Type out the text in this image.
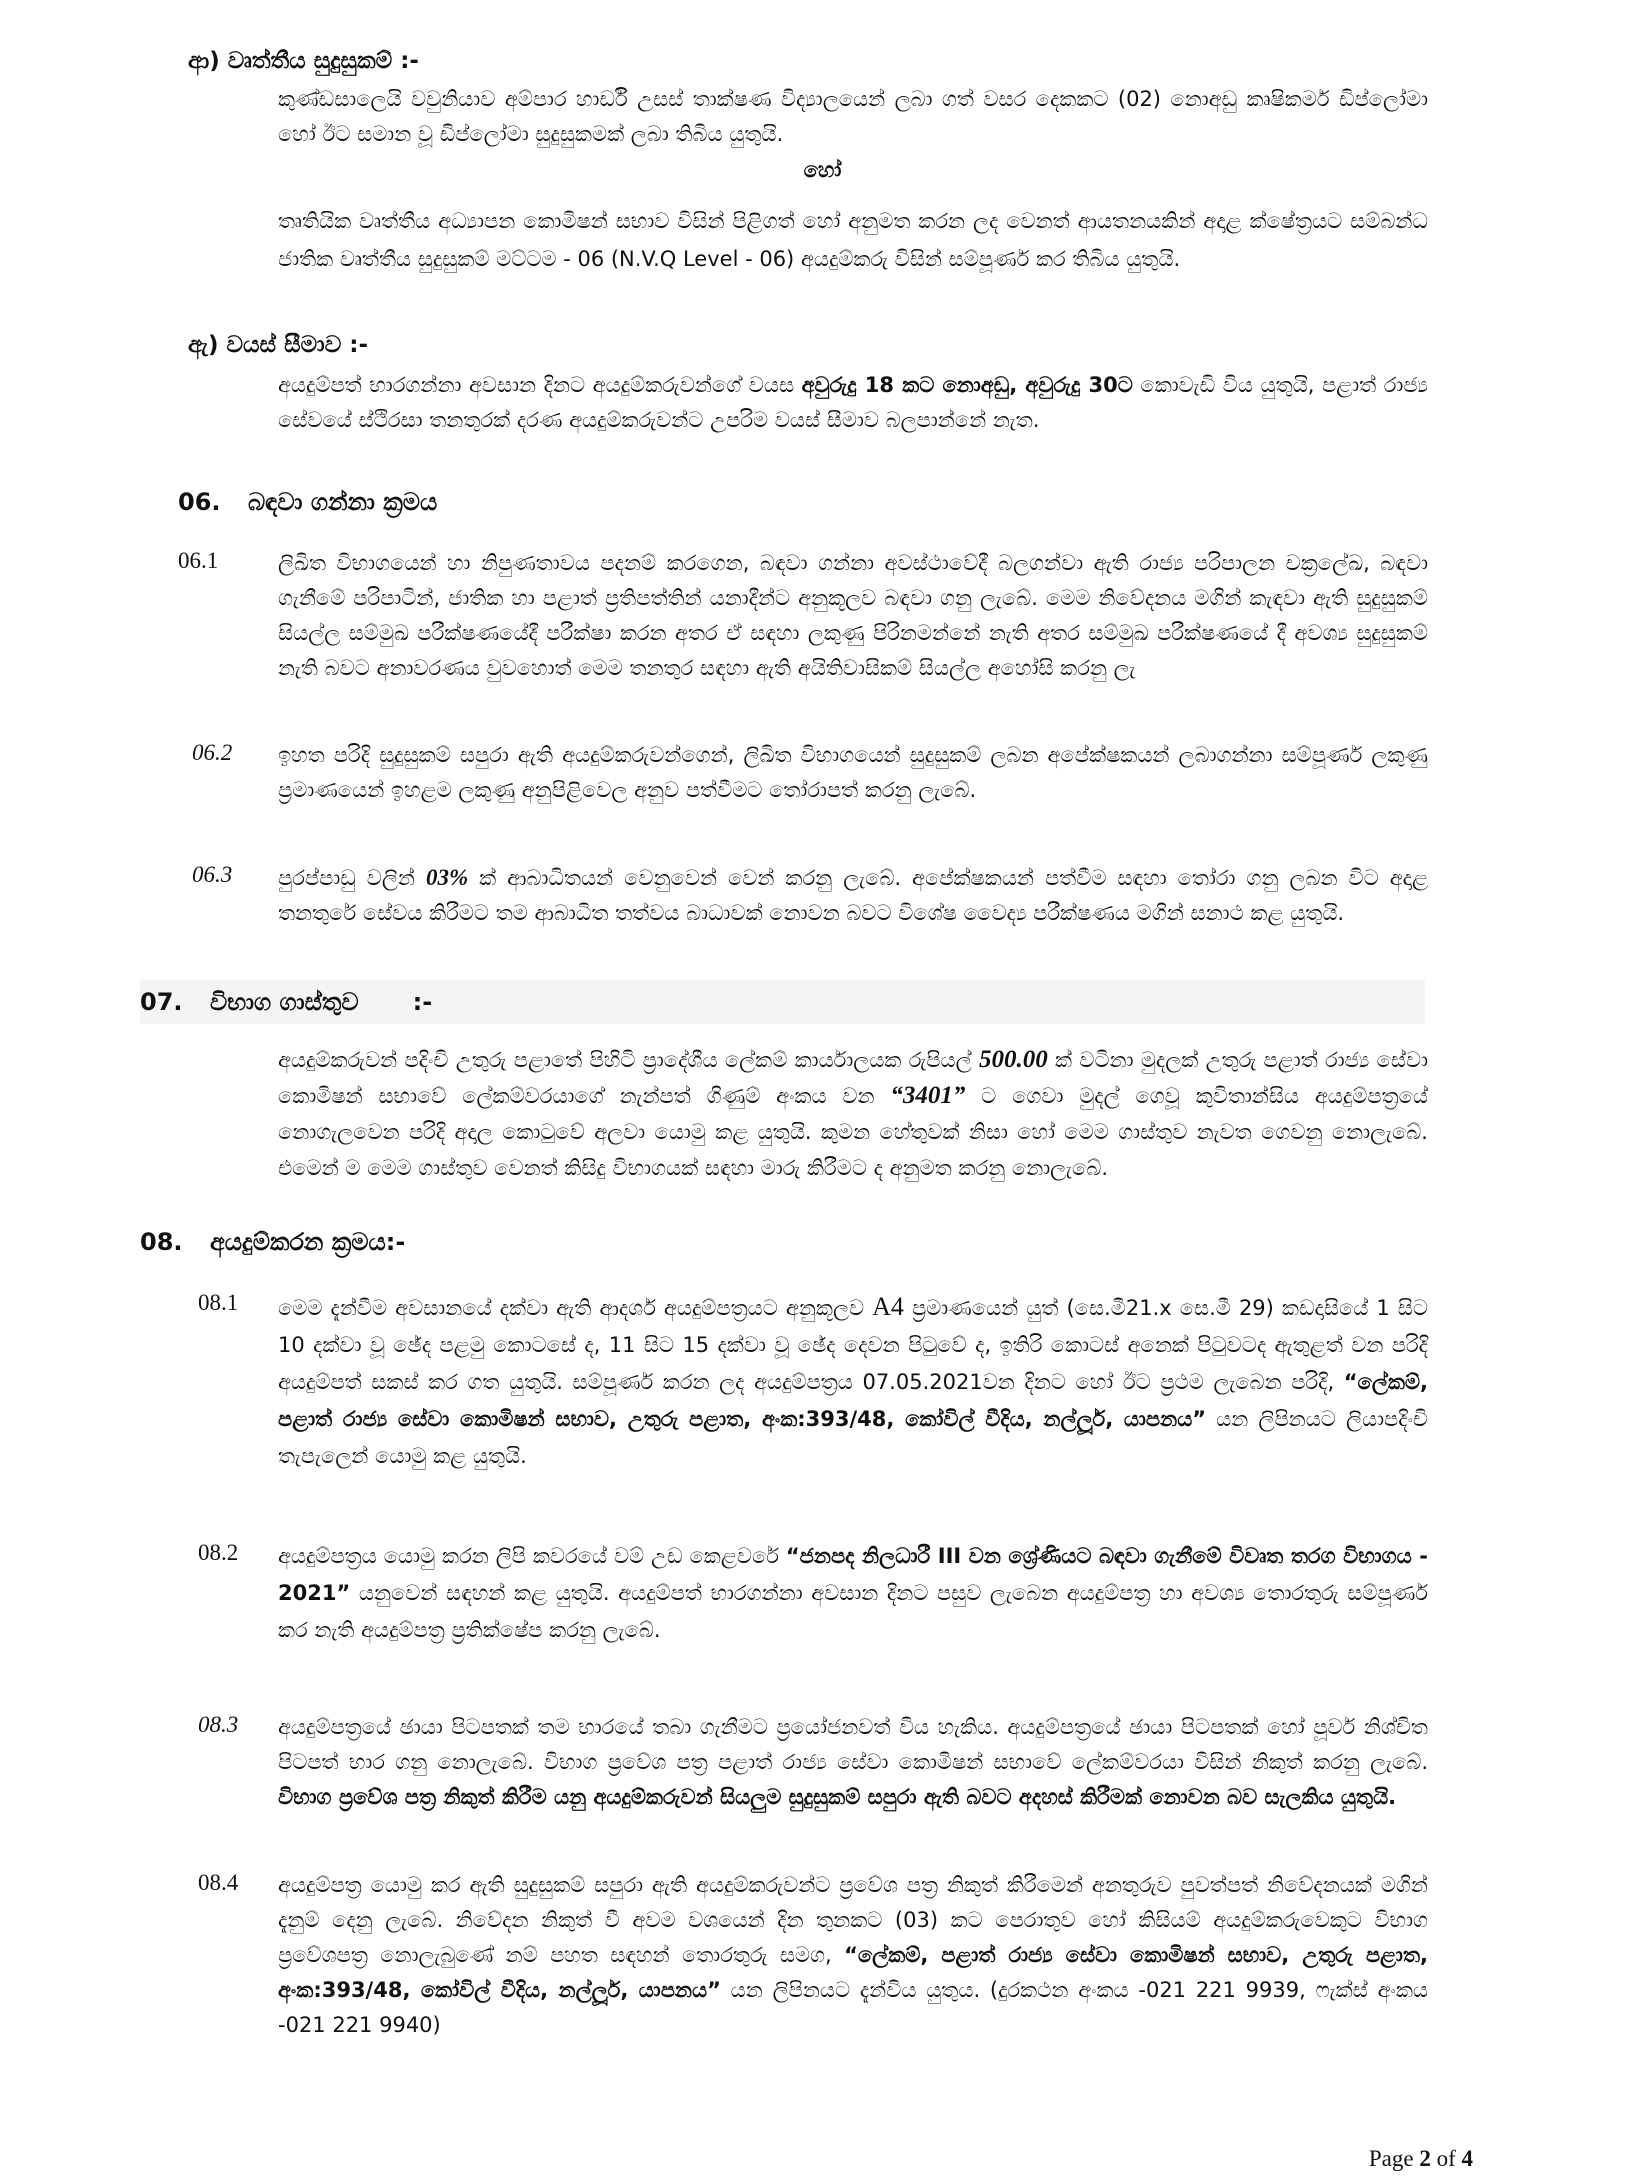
ආ) වෘත්තීය සුදුසුකම් :-
කුණ්ඩසාලෙයි වවුනියාව අම්පාර හාර්ඩි උසස් තාක්ෂණ විද්‍යාලයෙන් ලබා ගත් වසර දෙකකට (02) නොඅඩු කෘෂිකර්ම ඩිප්ලෝමා හෝ ඊට සමාන වූ ඩිප්ලෝමා සුදුසුකමක් ලබා තිබිය යුතුයි.
හෝ
තෘතියික වෘත්තීය අධ්‍යාපන කොමිෂන් සභාව විසින් පිළිගත් හෝ අනුමත කරන ලද වෙනත් ආයතනයකින් අදාළ ක්ෂේත්‍රයට සම්බන්ධ ජාතික වෘත්තීය සුදුසුකම් මට්ටම - 06 (N.V.Q Level - 06) අයදුම්කරු විසින් සම්පූර්ණ කර තිබිය යුතුයි.
ඇ) වයස් සීමාව :-
අයදුම්පත් භාරගන්නා අවසාන දිනට අයදුම්කරුවන්ගේ වයස අවුරුදු 18 කට නොඅඩු, අවුරුදු 30ට කොවැඩි විය යුතුයි, පළාත් රාජ්‍ය සේවයේ ස්ථිරසා තනතුරක් දරණ අයදුම්කරුවන්ට උපරිම වයස් සීමාව බලපාන්නේ නැත.
06. බඳවා ගන්නා ක්‍රමය
06.1	ලිඛිත විභාගයෙන් හා නිපුණතාවය පදනම් කරගෙන, බඳවා ගන්නා අවස්ථාවේදී බලගන්වා ඇති රාජ්‍ය පරිපාලන චක්‍රලේඛ, බඳවා ගැනීමේ පරිපාටින්, ජාතික හා පළාත් ප්‍රතිපත්තින් යනාදීන්ට අනුකූලව බඳවා ගනු ලැබේ. මෙම නිවේදනය මගින් කැඳවා ඇති සුදුසුකම් සියල්ල සම්මුඛ පරීක්ෂණයේදී පරීක්ෂා කරන අතර ඒ සඳහා ලකුණු පිරිනමන්නේ නැති අතර සම්මුඛ පරීක්ෂණයේ දී අවශ්‍ය සුදුසුකම් නැති බවට අනාවරණය වුවහොත් මෙම තනතුර සඳහා ඇති අයිතිවාසිකම් සියල්ල අහෝසි කරනු ලැ
06.2 ඉහත පරිදි සුදුසුකම් සපුරා ඇති අයදුම්කරුවන්ගෙන්, ලිඛිත විභාගයෙන් සුදුසුකම් ලබන අපේක්ෂකයන් ලබාගන්නා සම්පූර්ණ ලකුණු ප්‍රමාණයෙන් ඉහළම ලකුණු අනුපිළිවෙල අනුව පත්වීමට තෝරාපත් කරනු ලැබේ.
06.3 පුරප්පාඩු වලින් 03% ක් ආබාධිතයන් වෙනුවෙන් වෙන් කරනු ලැබේ. අපේක්ෂකයන් පත්වීම සඳහා තෝරා ගනු ලබන විට අදාළ තනතුරේ සේවය කිරීමට තම ආබාධිත තත්වය බාධාවක් නොවන බවට විශේෂ වෛද්‍ය පරීක්ෂණය මගින් සනාථ කළ යුතුයි.
07. විභාග ගාස්තුව :-
අයදුම්කරුවන් පදිංචි උතුරු පළාතේ පිහිටි ප්‍රාදේශීය ලේකම් කාර්යාලයක රුපියල් 500.00 ක් වටිනා මුදලක් උතුරු පළාත් රාජ්‍ය සේවා කොමිෂන් සභාවේ ලේකම්වරයාගේ නැන්පත් ගිණුම් අංකය වන “3401” ට ගෙවා මුදල් ගෙවූ කුවිතාන්සිය අයදුම්පත්‍රයේ නොගැලවෙන පරිදි අදාල කොටුවේ අලවා යොමු කළ යුතුයි. කුමන හේතුවක් නිසා හෝ මෙම ගාස්තුව නැවත ගෙවනු නොලැබේ. එමෙන් ම මෙම ගාස්තුව වෙනත් කිසිදු විභාගයක් සඳහා මාරු කිරීමට ද අනුමත කරනු නොලැබේ.
08. අයදුම්කරන ක්‍රමය:-
08.1 මෙම දැන්වීම අවසානයේ දක්වා ඇති ආදර්ශ අයදුම්පත්‍රයට අනුකූලව A4 ප්‍රමාණයෙන් යුත් (සෙ.මී21.x සෙ.මී 29) කඩදාසියේ 1 සිට 10 දක්වා වූ ඡේද පළමු කොටසේ ද, 11 සිට 15 දක්වා වූ ඡේද දෙවන පිටුවේ ද, ඉතිරි කොටස් අනෙක් පිටුවටද ඇතුළත් වන පරිදි අයදුම්පත් සකස් කර ගත යුතුයි. සම්පූර්ණ කරන ලද අයදුම්පත්‍රය 07.05.2021වන දිනට හෝ ඊට ප්‍රථම ලැබෙන පරිදි, “ලේකම්, පළාත් රාජ්‍ය සේවා කොමිෂන් සභාව, උතුරු පළාත, අංක:393/48, කෝවිල් වීදිය, නල්ලූර්, යාපනය” යන ලිපිනයට ලියාපදිංචි තැපැලෙන් යොමු කළ යුතුයි.
08.2 අයදුම්පත්‍රය යොමු කරන ලිපි කවරයේ වම් උඩ කෙළවරේ “ජනපද නිලධාරී III වන ශ්‍රේණියට බඳවා ගැනීමේ විවෘත තරග විභාගය - 2021” යනුවෙන් සඳහන් කළ යුතුයි. අයදුම්පත් භාරගන්නා අවසාන දිනට පසුව ලැබෙන අයදුම්පත්‍ර හා අවශ්‍ය තොරතුරු සම්පූර්ණ කර නැති අයදුම්පත්‍ර ප්‍රතික්ෂේප කරනු ලැබේ.
08.3 අයදුම්පත්‍රයේ ඡායා පිටපතක් තම භාරයේ තබා ගැනීමට ප්‍රයෝජනවත් විය හැකිය. අයදුම්පත්‍රයේ ඡායා පිටපතක් හෝ පූර්ව නිශ්චිත පිටපත් භාර ගනු නොලැබේ. විභාග ප්‍රවේශ පත්‍ර පළාත් රාජ්‍ය සේවා කොමිෂන් සභාවේ ලේකම්වරයා විසින් නිකුත් කරනු ලැබේ. විභාග ප්‍රවේශ පත්‍ර නිකුත් කිරීම යනු අයදුම්කරුවන් සියලුම සුදුසුකම් සපුරා ඇති බවට අදහස් කිරීමක් නොවන බව සැලකිය යුතුයි.
08.4 අයදුම්පත්‍ර යොමු කර ඇති සුදුසුකම් සපුරා ඇති අයදුම්කරුවන්ට ප්‍රවේශ පත්‍ර නිකුත් කිරීමෙන් අනතුරුව පුවත්පත් නිවේදනයක් මගින් දැනුම් දෙනු ලැබේ. නිවේදන නිකුත් වී අවම වශයෙන් දින තුනකට (03) කට පෙරාතුව හෝ කිසියම් අයදුම්කරුවෙකුට විභාග ප්‍රවේශපත්‍ර නොලැබුණේ නම් පහත සඳහන් තොරතුරු සමග, “ලේකම්, පළාත් රාජ්‍ය සේවා කොමිෂන් සභාව, උතුරු පළාත, අංක:393/48, කෝවිල් වීදිය, නල්ලූර්, යාපනය” යන ලිපිනයට දැන්විය යුතුය. (දුරකථන අංකය -021 221 9939, ෆැක්ස් අංකය -021 221 9940)
Page 2 of 4
